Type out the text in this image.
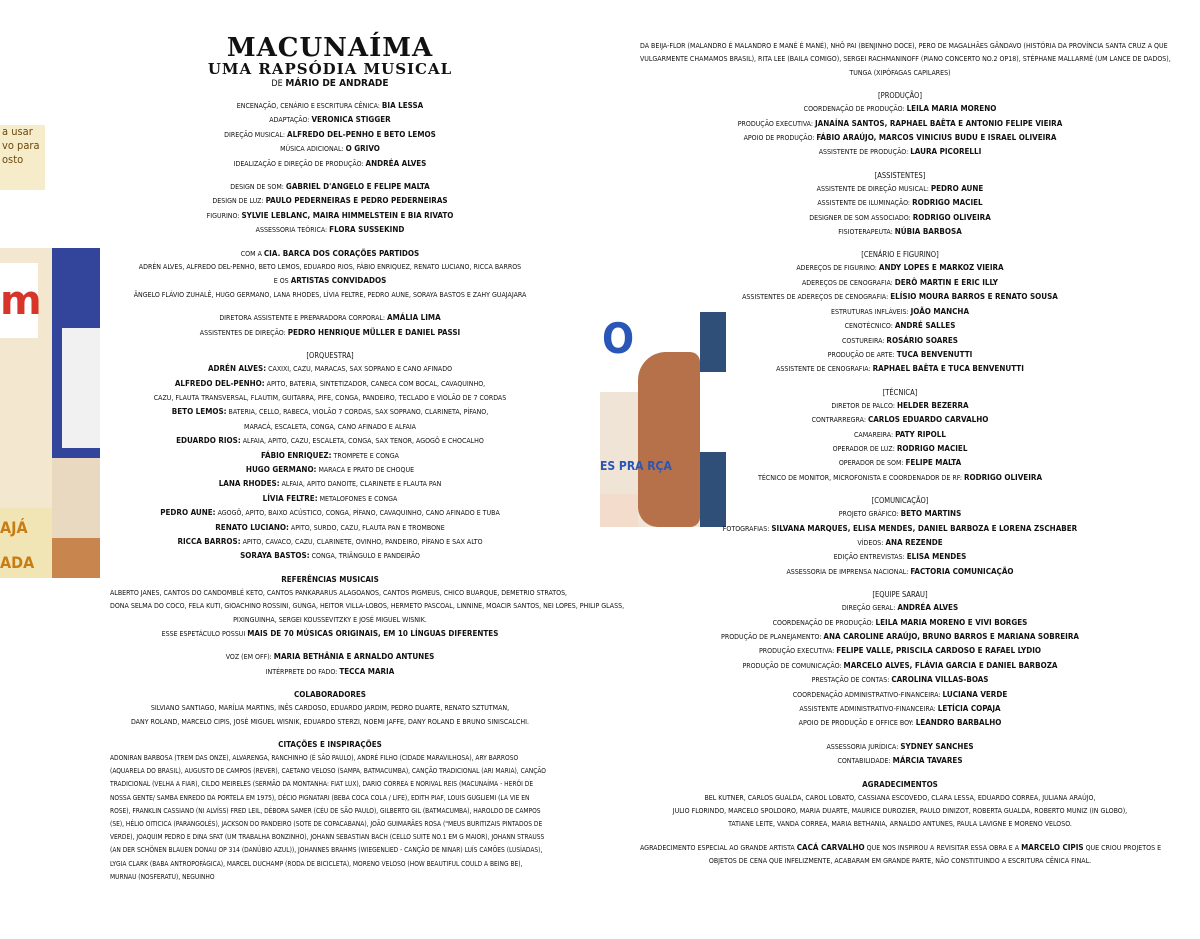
a usar
vo para
osto
m
AJÁ
ADA
O
ES PRA RÇA
MACUNAÍMA
UMA RAPSÓDIA MUSICAL
DE MÁRIO DE ANDRADE
ENCENAÇÃO, CENÁRIO E ESCRITURA CÊNICA: BIA LESSA
ADAPTAÇÃO: VERONICA STIGGER
DIREÇÃO MUSICAL: ALFREDO DEL-PENHO E BETO LEMOS
MÚSICA ADICIONAL: O GRIVO
IDEALIZAÇÃO E DIREÇÃO DE PRODUÇÃO: ANDRÉA ALVES
DESIGN DE SOM: GABRIEL D'ANGELO E FELIPE MALTA
DESIGN DE LUZ: PAULO PEDERNEIRAS E PEDRO PEDERNEIRAS
FIGURINO: SYLVIE LEBLANC, MAIRA HIMMELSTEIN E BIA RIVATO
ASSESSORIA TEÓRICA: FLORA SUSSEKIND
COM A CIA. BARCA DOS CORAÇÕES PARTIDOS
ADRÉN ALVES, ALFREDO DEL-PENHO, BETO LEMOS, EDUARDO RIOS, FÁBIO ENRIQUEZ, RENATO LUCIANO, RICCA BARROS
E OS ARTISTAS CONVIDADOS
ÂNGELO FLÁVIO ZUHALÊ, HUGO GERMANO, LANA RHODES, LÍVIA FELTRE, PEDRO AUNE, SORAYA BASTOS E ZAHY GUAJAJARA
DIRETORA ASSISTENTE E PREPARADORA CORPORAL: AMÁLIA LIMA
ASSISTENTES DE DIREÇÃO: PEDRO HENRIQUE MÜLLER E DANIEL PASSI
[ORQUESTRA]
ADRÉN ALVES: CAXIXI, CAZU, MARACAS, SAX SOPRANO E CANO AFINADO
ALFREDO DEL-PENHO: APITO, BATERIA, SINTETIZADOR, CANECA COM BOCAL, CAVAQUINHO,
CAZU, FLAUTA TRANSVERSAL, FLAUTIM, GUITARRA, PIFE, CONGA, PANDEIRO, TECLADO E VIOLÃO DE 7 CORDAS
BETO LEMOS: BATERIA, CELLO, RABECA, VIOLÃO 7 CORDAS, SAX SOPRANO, CLARINETA, PÍFANO,
MARACÁ, ESCALETA, CONGA, CANO AFINADO E ALFAIA
EDUARDO RIOS: ALFAIA, APITO, CAZU, ESCALETA, CONGA, SAX TENOR, AGOGÔ E CHOCALHO
FÁBIO ENRIQUEZ: TROMPETE E CONGA
HUGO GERMANO: MARACA E PRATO DE CHOQUE
LANA RHODES: ALFAIA, APITO DANOITE, CLARINETE E FLAUTA PAN
LÍVIA FELTRE: METALOFONES E CONGA
PEDRO AUNE: AGOGÔ, APITO, BAIXO ACÚSTICO, CONGA, PÍFANO, CAVAQUINHO, CANO AFINADO E TUBA
RENATO LUCIANO: APITO, SURDO, CAZU, FLAUTA PAN E TROMBONE
RICCA BARROS: APITO, CAVACO, CAZU, CLARINETE, OVINHO, PANDEIRO, PÍFANO E SAX ALTO
SORAYA BASTOS: CONGA, TRIÂNGULO E PANDEIRÃO
REFERÊNCIAS MUSICAIS
ALBERTO JANES, CANTOS DO CANDOMBLÉ KETO, CANTOS PANKARARUS ALAGOANOS, CANTOS PIGMEUS, CHICO BUARQUE, DEMETRIO STRATOS,
DONA SELMA DO COCO, FELA KUTI, GIOACHINO ROSSINI, GUNGA, HEITOR VILLA-LOBOS, HERMETO PASCOAL, LINNINE, MOACIR SANTOS, NEI LOPES, PHILIP GLASS,
PIXINGUINHA, SERGEI KOUSSEVITZKY E JOSÉ MIGUEL WISNIK.
ESSE ESPETÁCULO POSSUI MAIS DE 70 MÚSICAS ORIGINAIS, EM 10 LÍNGUAS DIFERENTES
VOZ (EM OFF): MARIA BETHÂNIA E ARNALDO ANTUNES
INTÉRPRETE DO FADO: TECCA MARIA
COLABORADORES
SILVIANO SANTIAGO, MARÍLIA MARTINS, INÊS CARDOSO, EDUARDO JARDIM, PEDRO DUARTE, RENATO SZTUTMAN,
DANY ROLAND, MARCELO CIPIS, JOSÉ MIGUEL WISNIK, EDUARDO STERZI, NOEMI JAFFE, DANY ROLAND E BRUNO SINISCALCHI.
CITAÇÕES E INSPIRAÇÕES
ADONIRAN BARBOSA (TREM DAS ONZE), ALVARENGA, RANCHINHO (É SÃO PAULO), ANDRÉ FILHO (CIDADE MARAVILHOSA), ARY BARROSO (AQUARELA DO BRASIL), AUGUSTO DE CAMPOS (REVER), CAETANO VELOSO (SAMPA, BATMACUMBA), CANÇÃO TRADICIONAL (ARI MARIA), CANÇÃO TRADICIONAL (VELHA A FIAR), CILDO MEIRELES (SERMÃO DA MONTANHA: FIAT LUX), DARIO CORREA E NORIVAL REIS (MACUNAÍMA - HERÓI DE NOSSA GENTE/ SAMBA ENREDO DA PORTELA EM 1975), DÉCIO PIGNATARI (BEBA COCA COLA / LIFE), EDITH PIAF, LOUIS GUGLIEMI (LA VIE EN ROSE), FRANKLIN CASSIANO (NI ALVÍSS) FRED LEIL, DÉBORA SAMER (CÉU DE SÃO PAULO), GILBERTO GIL (BATMACUMBA), HAROLDO DE CAMPOS (SE), HÉLIO OITICICA (PARANGOLÉS), JACKSON DO PANDEIRO (SOTE DE COPACABANA), JOÃO GUIMARÃES ROSA ("MEUS BURITIZAIS PINTADOS DE VERDE), JOAQUIM PEDRO E DINA SFAT (UM TRABALHA BONZINHO), JOHANN SEBASTIAN BACH (CELLO SUITE NO.1 EM G MAIOR), JOHANN STRAUSS (AN DER SCHÖNEN BLAUEN DONAU OP 314 (DANÚBIO AZUL)), JOHANNES BRAHMS (WIEGENLIED - CANÇÃO DE NINAR) LUÍS CAMÕES (LUSÍADAS), LYGIA CLARK (BABA ANTROPOFÁGICA), MARCEL DUCHAMP (RODA DE BICICLETA), MORENO VELOSO (HOW BEAUTIFUL COULD A BEING BE), MURNAU (NOSFERATU), NEGUINHO
DA BEIJA-FLOR (MALANDRO É MALANDRO E MANÉ É MANÉ), NHÔ PAI (BENJINHO DOCE), PERO DE MAGALHÃES GÂNDAVO (HISTÓRIA DA PROVÍNCIA SANTA CRUZ A QUE
VULGARMENTE CHAMAMOS BRASIL), RITA LEE (BAILA COMIGO), SERGEI RACHMANINOFF (PIANO CONCERTO NO.2 OP18), STÉPHANE MALLARMÉ (UM LANCE DE DADOS),
TUNGA (XIPÓFAGAS CAPILARES)
[PRODUÇÃO]
COORDENAÇÃO DE PRODUÇÃO: LEILA MARIA MORENO
PRODUÇÃO EXECUTIVA: JANAÍNA SANTOS, RAPHAEL BAÊTA E ANTONIO FELIPE VIEIRA
APOIO DE PRODUÇÃO: FÁBIO ARAÚJO, MARCOS VINICIUS BUDU E ISRAEL OLIVEIRA
ASSISTENTE DE PRODUÇÃO: LAURA PICORELLI
[ASSISTENTES]
ASSISTENTE DE DIREÇÃO MUSICAL: PEDRO AUNE
ASSISTENTE DE ILUMINAÇÃO: RODRIGO MACIEL
DESIGNER DE SOM ASSOCIADO: RODRIGO OLIVEIRA
FISIOTERAPEUTA: NÚBIA BARBOSA
[CENÁRIO E FIGURINO]
ADEREÇOS DE FIGURINO: ANDY LOPES E MARKOZ VIEIRA
ADEREÇOS DE CENOGRAFIA: DERÔ MARTIN E ERIC ILLY
ASSISTENTES DE ADEREÇOS DE CENOGRAFIA: ELÍSIO MOURA BARROS E RENATO SOUSA
ESTRUTURAS INFLÁVEIS: JOÃO MANCHA
CENOTÉCNICO: ANDRÉ SALLES
COSTUREIRA: ROSÁRIO SOARES
PRODUÇÃO DE ARTE: TUCA BENVENUTTI
ASSISTENTE DE CENOGRAFIA: RAPHAEL BAÊTA E TUCA BENVENUTTI
[TÉCNICA]
DIRETOR DE PALCO: HELDER BEZERRA
CONTRARREGRA: CARLOS EDUARDO CARVALHO
CAMAREIRA: PATY RIPOLL
OPERADOR DE LUZ: RODRIGO MACIEL
OPERADOR DE SOM: FELIPE MALTA
TÉCNICO DE MONITOR, MICROFONISTA E COORDENADOR DE RF: RODRIGO OLIVEIRA
[COMUNICAÇÃO]
PROJETO GRÁFICO: BETO MARTINS
FOTOGRAFIAS: SILVANA MARQUES, ELISA MENDES, DANIEL BARBOZA E LORENA ZSCHABER
VÍDEOS: ANA REZENDE
EDIÇÃO ENTREVISTAS: ELISA MENDES
ASSESSORIA DE IMPRENSA NACIONAL: FACTORIA COMUNICAÇÃO
[EQUIPE SARAU]
DIREÇÃO GERAL: ANDRÉA ALVES
COORDENAÇÃO DE PRODUÇÃO: LEILA MARIA MORENO E VIVI BORGES
PRODUÇÃO DE PLANEJAMENTO: ANA CAROLINE ARAÚJO, BRUNO BARROS E MARIANA SOBREIRA
PRODUÇÃO EXECUTIVA: FELIPE VALLE, PRISCILA CARDOSO E RAFAEL LYDIO
PRODUÇÃO DE COMUNICAÇÃO: MARCELO ALVES, FLÁVIA GARCIA E DANIEL BARBOZA
PRESTAÇÃO DE CONTAS: CAROLINA VILLAS-BOAS
COORDENAÇÃO ADMINISTRATIVO-FINANCEIRA: LUCIANA VERDE
ASSISTENTE ADMINISTRATIVO-FINANCEIRA: LETÍCIA COPAJA
APOIO DE PRODUÇÃO E OFFICE BOY: LEANDRO BARBALHO
ASSESSORIA JURÍDICA: SYDNEY SANCHES
CONTABILIDADE: MÁRCIA TAVARES
AGRADECIMENTOS
BEL KUTNER, CARLOS GUALDA, CAROL LOBATO, CASSIANA ESCOVEDO, CLARA LESSA, EDUARDO CORREA, JULIANA ARAÚJO,
JULIO FLORINDO, MARCELO SPOLDORO, MARIA DUARTE, MAURICE DUROZIER, PAULO DINIZOT, ROBERTA GUALDA, ROBERTO MUNIZ (IN GLOBO),
TATIANE LEITE, VANDA CORREA, MARIA BETHANIA, ARNALDO ANTUNES, PAULA LAVIGNE E MORENO VELOSO.
AGRADECIMENTO ESPECIAL AO GRANDE ARTISTA CACÁ CARVALHO QUE NOS INSPIROU A REVISITAR ESSA OBRA E A MARCELO CIPIS QUE CRIOU PROJETOS E
OBJETOS DE CENA QUE INFELIZMENTE, ACABARAM EM GRANDE PARTE, NÃO CONSTITUINDO A ESCRITURA CÊNICA FINAL.
